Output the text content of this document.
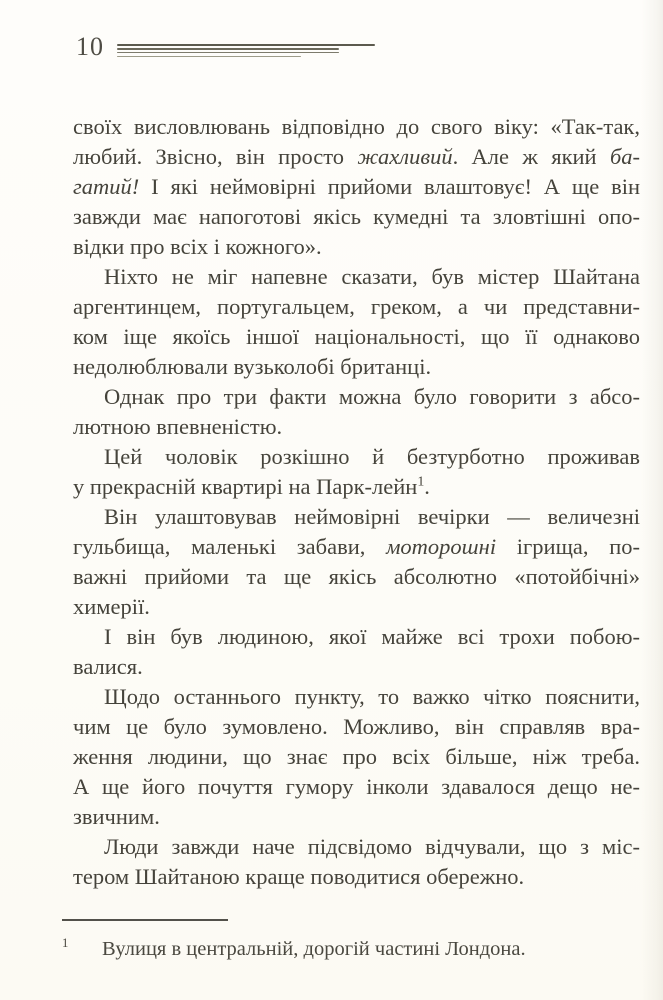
10
своїх висловлювань відповідно до свого віку: «Так-так,
любий. Звісно, він просто жахливий. Але ж який ба-
гатий! І які неймовірні прийоми влаштовує! А ще він
завжди має напоготові якісь кумедні та зловтішні опо-
відки про всіх і кожного».
Ніхто не міг напевне сказати, був містер Шайтана
аргентинцем, португальцем, греком, а чи представни-
ком іще якоїсь іншої національності, що її однаково
недолюблювали вузьколобі британці.
Однак про три факти можна було говорити з абсо-
лютною впевненістю.
Цей чоловік розкішно й безтурботно проживав
у прекрасній квартирі на Парк-лейн$^1$.
Він улаштовував неймовірні вечірки — величезні
гульбища, маленькі забави, моторошні ігрища, по-
важні прийоми та ще якісь абсолютно «потойбічні»
химерії.
І він був людиною, якої майже всі трохи побою-
валися.
Щодо останнього пункту, то важко чітко пояснити,
чим це було зумовлено. Можливо, він справляв вра-
ження людини, що знає про всіх більше, ніж треба.
А ще його почуття гумору інколи здавалося дещо не-
звичним.
Люди завжди наче підсвідомо відчували, що з міс-
тером Шайтаною краще поводитися обережно.
1 Вулиця в центральній, дорогій частині Лондона.
